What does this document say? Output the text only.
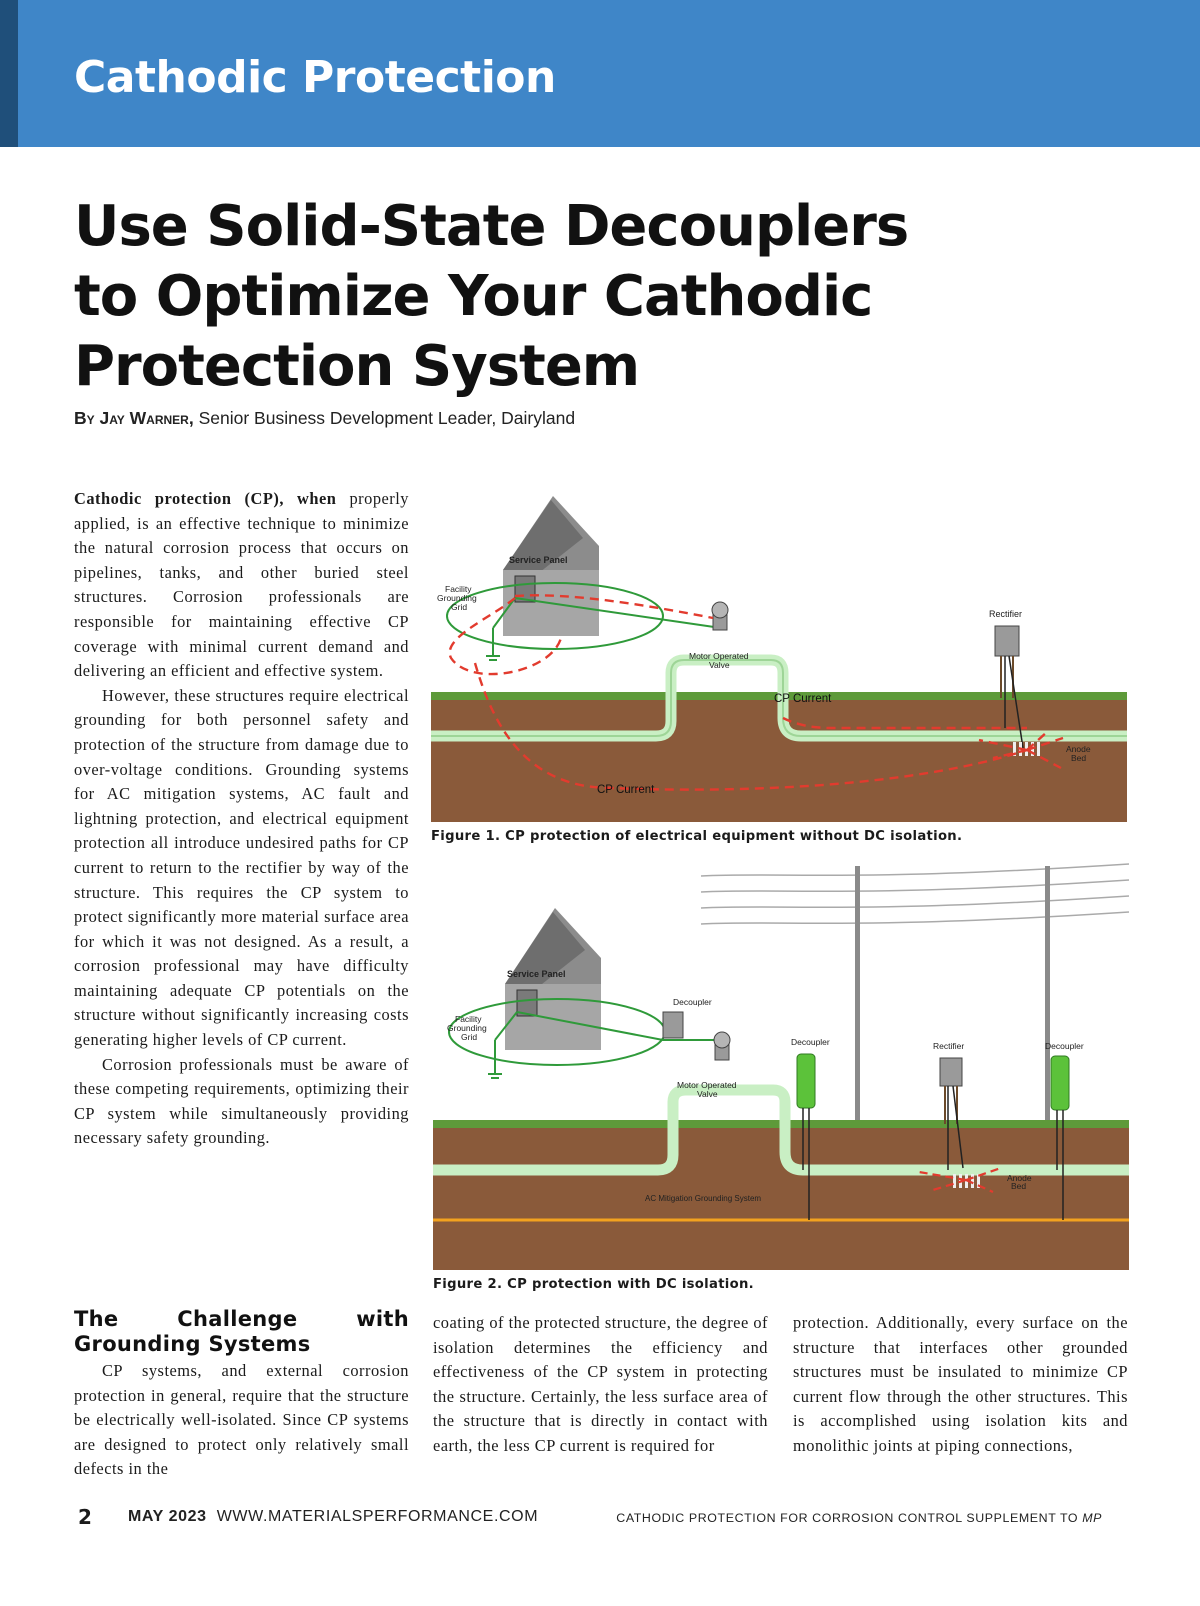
Cathodic Protection
Use Solid-State Decouplers to Optimize Your Cathodic Protection System
By Jay Warner, Senior Business Development Leader, Dairyland

Cathodic protection (CP), when properly applied, is an effective technique to minimize the natural corrosion process that occurs on pipelines, tanks, and other buried steel structures. Corrosion professionals are responsible for maintaining effective CP coverage with minimal current demand and delivering an efficient and effective system.

However, these structures require electrical grounding for both personnel safety and protection of the structure from damage due to over-voltage conditions. Grounding systems for AC mitigation systems, AC fault and lightning protection, and electrical equipment protection all introduce undesired paths for CP current to return to the rectifier by way of the structure. This requires the CP system to protect significantly more material surface area for which it was not designed. As a result, a corrosion professional may have difficulty maintaining adequate CP potentials on the structure without significantly increasing costs generating higher levels of CP current.

Corrosion professionals must be aware of these competing requirements, optimizing their CP system while simultaneously providing necessary safety grounding.

The Challenge with Grounding Systems

CP systems, and external corrosion protection in general, require that the structure be electrically well-isolated. Since CP systems are designed to protect only relatively small defects in the

coating of the protected structure, the degree of isolation determines the efficiency and effectiveness of the CP system in protecting the structure. Certainly, the less surface area of the structure that is directly in contact with earth, the less CP current is required for

protection. Additionally, every surface on the structure that interfaces other grounded structures must be insulated to minimize CP current flow through the other structures. This is accomplished using isolation kits and monolithic joints at piping connections,

Service Panel
Facility
Grounding
Grid
Motor Operated
Valve
Rectifier
Anode
Bed
CP Current
CP Current
Figure 1. CP protection of electrical equipment without DC isolation.
AC Mitigation Grounding System
Service Panel
Facility
Grounding
Grid
Decoupler
Motor Operated
Valve
Decoupler	Rectifier
Anode
Bed
Decoupler
Figure 2. CP protection with DC isolation.
2 MAY 2023 WWW.MATERIALSPERFORMANCE.COM	CATHODIC PROTECTION FOR CORROSION CONTROL SUPPLEMENT TO MP
